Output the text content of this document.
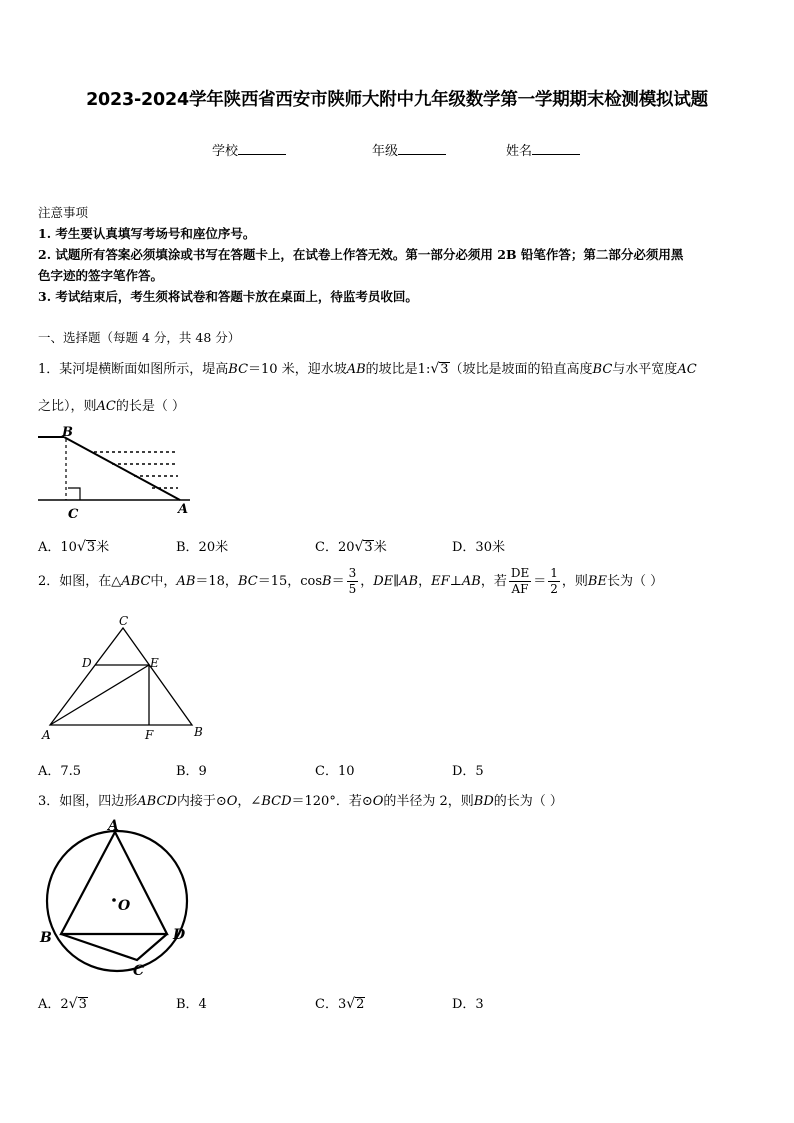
2023-2024学年陕西省西安市陕师大附中九年级数学第一学期期末检测模拟试题
学校	年级	姓名
注意事项
1. 考生要认真填写考场号和座位序号。
2. 试题所有答案必须填涂或书写在答题卡上，在试卷上作答无效。第一部分必须用 2B 铅笔作答；第二部分必须用黑
色字迹的签字笔作答。
3. 考试结束后，考生须将试卷和答题卡放在桌面上，待监考员收回。
一、选择题（每题 4 分，共 48 分）
1．某河堤横断面如图所示，堤高BC＝10 米，迎水坡AB的坡比是1:√3（坡比是坡面的铅直高度BC与水平宽度AC
之比），则AC的长是（ ）
B
C	A
A．10√3米	B．20米	C．20√3米	D．30米
2．如图，在△ABC中，AB＝18，BC＝15，$\cos B= \frac{3}{5}$ ，DE∥AB，EF⊥AB，若 $\frac{DE}{AF} = \frac{1}{2}$ ，则BE长为（ ）
C
D	E
A	F	B
A．7.5	B．9	C．10	D．5
3．如图，四边形ABCD内接于⊙O，∠BCD＝120°．若⊙O的半径为 2，则BD的长为（ ）
A
O
B	D
C
A．2√3	B．4	C．3√2	D．3
